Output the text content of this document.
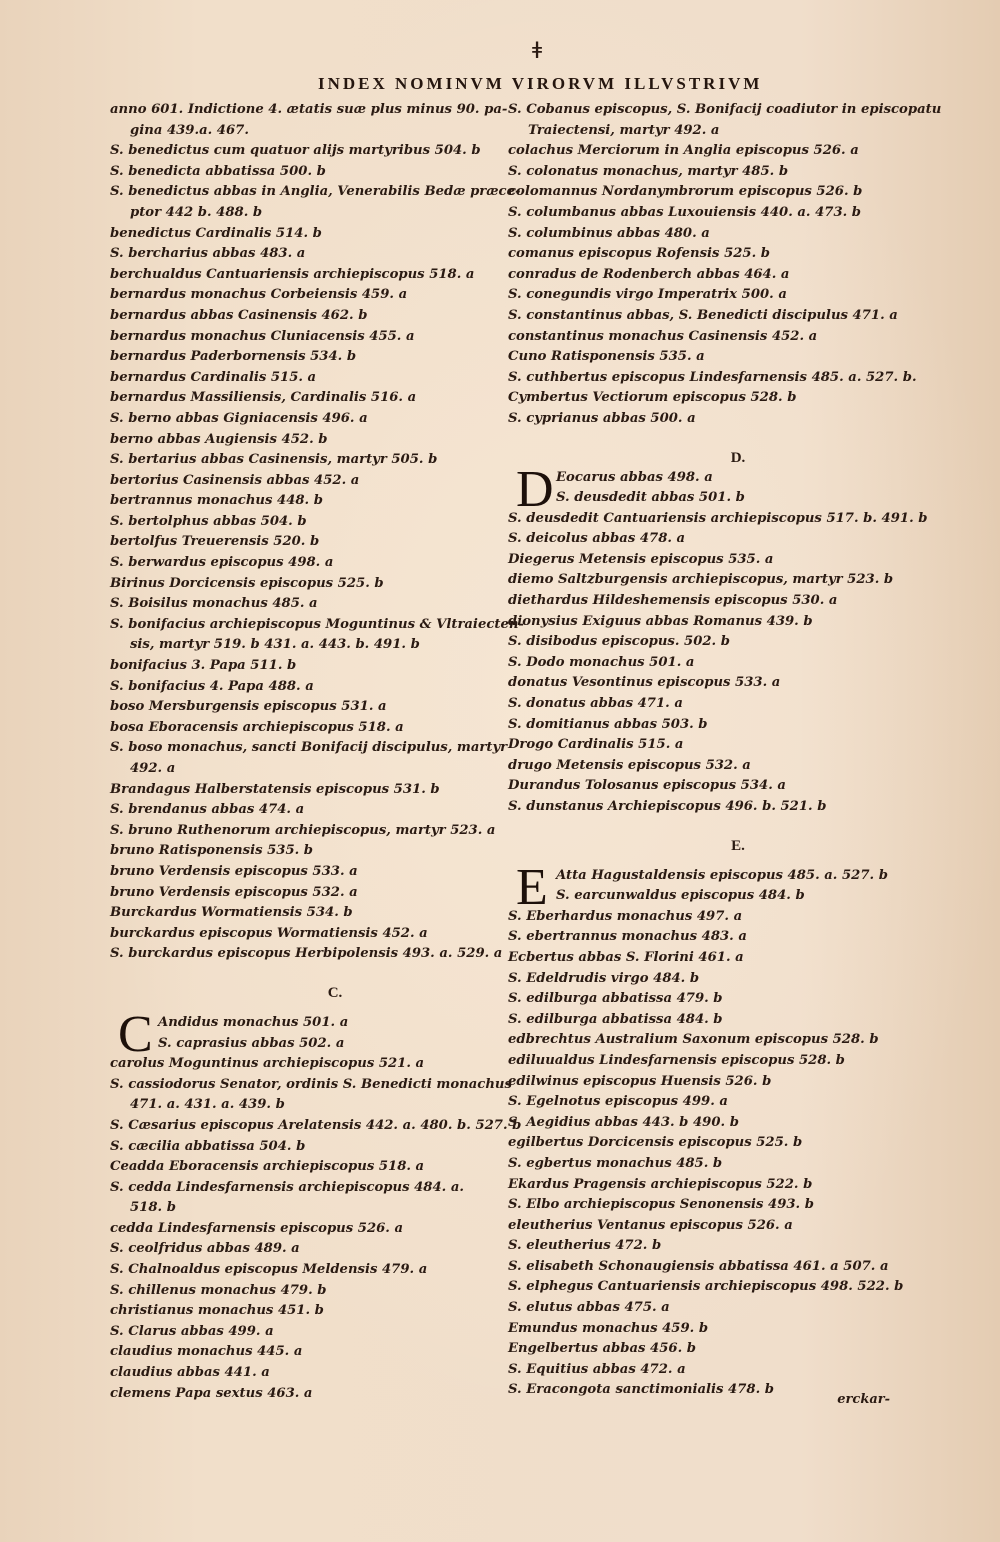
ǂ
INDEX NOMINVM VIRORVM ILLVSTRIVM
anno 601. Indictione 4. ætatis suæ plus minus 90. pa-
gina 439.a. 467.
S. benedictus cum quatuor alijs martyribus 504. b
S. benedicta abbatissa 500. b
S. benedictus abbas in Anglia, Venerabilis Bedæ præce-
ptor 442 b. 488. b
benedictus Cardinalis 514. b
S. bercharius abbas 483. a
berchualdus Cantuariensis archiepiscopus 518. a
bernardus monachus Corbeiensis 459. a
bernardus abbas Casinensis 462. b
bernardus monachus Cluniacensis 455. a
bernardus Paderbornensis 534. b
bernardus Cardinalis 515. a
bernardus Massiliensis, Cardinalis 516. a
S. berno abbas Gigniacensis 496. a
berno abbas Augiensis 452. b
S. bertarius abbas Casinensis, martyr 505. b
bertorius Casinensis abbas 452. a
bertrannus monachus 448. b
S. bertolphus abbas 504. b
bertolfus Treuerensis 520. b
S. berwardus episcopus 498. a
Birinus Dorcicensis episcopus 525. b
S. Boisilus monachus 485. a
S. bonifacius archiepiscopus Moguntinus & Vltraiecten-
sis, martyr 519. b 431. a. 443. b. 491. b
bonifacius 3. Papa 511. b
S. bonifacius 4. Papa 488. a
boso Mersburgensis episcopus 531. a
bosa Eboracensis archiepiscopus 518. a
S. boso monachus, sancti Bonifacij discipulus, martyr
492. a
Brandagus Halberstatensis episcopus 531. b
S. brendanus abbas 474. a
S. bruno Ruthenorum archiepiscopus, martyr 523. a
bruno Ratisponensis 535. b
bruno Verdensis episcopus 533. a
bruno Verdensis episcopus 532. a
Burckardus Wormatiensis 534. b
burckardus episcopus Wormatiensis 452. a
S. burckardus episcopus Herbipolensis 493. a. 529. a
C.
C Andidus monachus 501. a
S. caprasius abbas 502. a
carolus Moguntinus archiepiscopus 521. a
S. cassiodorus Senator, ordinis S. Benedicti monachus
471. a. 431. a. 439. b
S. Cæsarius episcopus Arelatensis 442. a. 480. b. 527. b
S. cæcilia abbatissa 504. b
Ceadda Eboracensis archiepiscopus 518. a
S. cedda Lindesfarnensis archiepiscopus 484. a.
518. b
cedda Lindesfarnensis episcopus 526. a
S. ceolfridus abbas 489. a
S. Chalnoaldus episcopus Meldensis 479. a
S. chillenus monachus 479. b
christianus monachus 451. b
S. Clarus abbas 499. a
claudius monachus 445. a
claudius abbas 441. a
clemens Papa sextus 463. a
S. Cobanus episcopus, S. Bonifacij coadiutor in episcopatu
Traiectensi, martyr 492. a
colachus Merciorum in Anglia episcopus 526. a
S. colonatus monachus, martyr 485. b
colomannus Nordanymbrorum episcopus 526. b
S. columbanus abbas Luxouiensis 440. a. 473. b
S. columbinus abbas 480. a
comanus episcopus Rofensis 525. b
conradus de Rodenberch abbas 464. a
S. conegundis virgo Imperatrix 500. a
S. constantinus abbas, S. Benedicti discipulus 471. a
constantinus monachus Casinensis 452. a
Cuno Ratisponensis 535. a
S. cuthbertus episcopus Lindesfarnensis 485. a. 527. b.
Cymbertus Vectiorum episcopus 528. b
S. cyprianus abbas 500. a
D.
D Eocarus abbas 498. a
S. deusdedit abbas 501. b
S. deusdedit Cantuariensis archiepiscopus 517. b. 491. b
S. deicolus abbas 478. a
Diegerus Metensis episcopus 535. a
diemo Saltzburgensis archiepiscopus, martyr 523. b
diethardus Hildeshemensis episcopus 530. a
dionysius Exiguus abbas Romanus 439. b
S. disibodus episcopus. 502. b
S. Dodo monachus 501. a
donatus Vesontinus episcopus 533. a
S. donatus abbas 471. a
S. domitianus abbas 503. b
Drogo Cardinalis 515. a
drugo Metensis episcopus 532. a
Durandus Tolosanus episcopus 534. a
S. dunstanus Archiepiscopus 496. b. 521. b
E.
E Atta Hagustaldensis episcopus 485. a. 527. b
S. earcunwaldus episcopus 484. b
S. Eberhardus monachus 497. a
S. ebertrannus monachus 483. a
Ecbertus abbas S. Florini 461. a
S. Edeldrudis virgo 484. b
S. edilburga abbatissa 479. b
S. edilburga abbatissa 484. b
edbrechtus Australium Saxonum episcopus 528. b
ediluualdus Lindesfarnensis episcopus 528. b
edilwinus episcopus Huensis 526. b
S. Egelnotus episcopus 499. a
S. Aegidius abbas 443. b 490. b
egilbertus Dorcicensis episcopus 525. b
S. egbertus monachus 485. b
Ekardus Pragensis archiepiscopus 522. b
S. Elbo archiepiscopus Senonensis 493. b
eleutherius Ventanus episcopus 526. a
S. eleutherius 472. b
S. elisabeth Schonaugiensis abbatissa 461. a 507. a
S. elphegus Cantuariensis archiepiscopus 498. 522. b
S. elutus abbas 475. a
Emundus monachus 459. b
Engelbertus abbas 456. b
S. Equitius abbas 472. a
S. Eracongota sanctimonialis 478. b
erckar-
